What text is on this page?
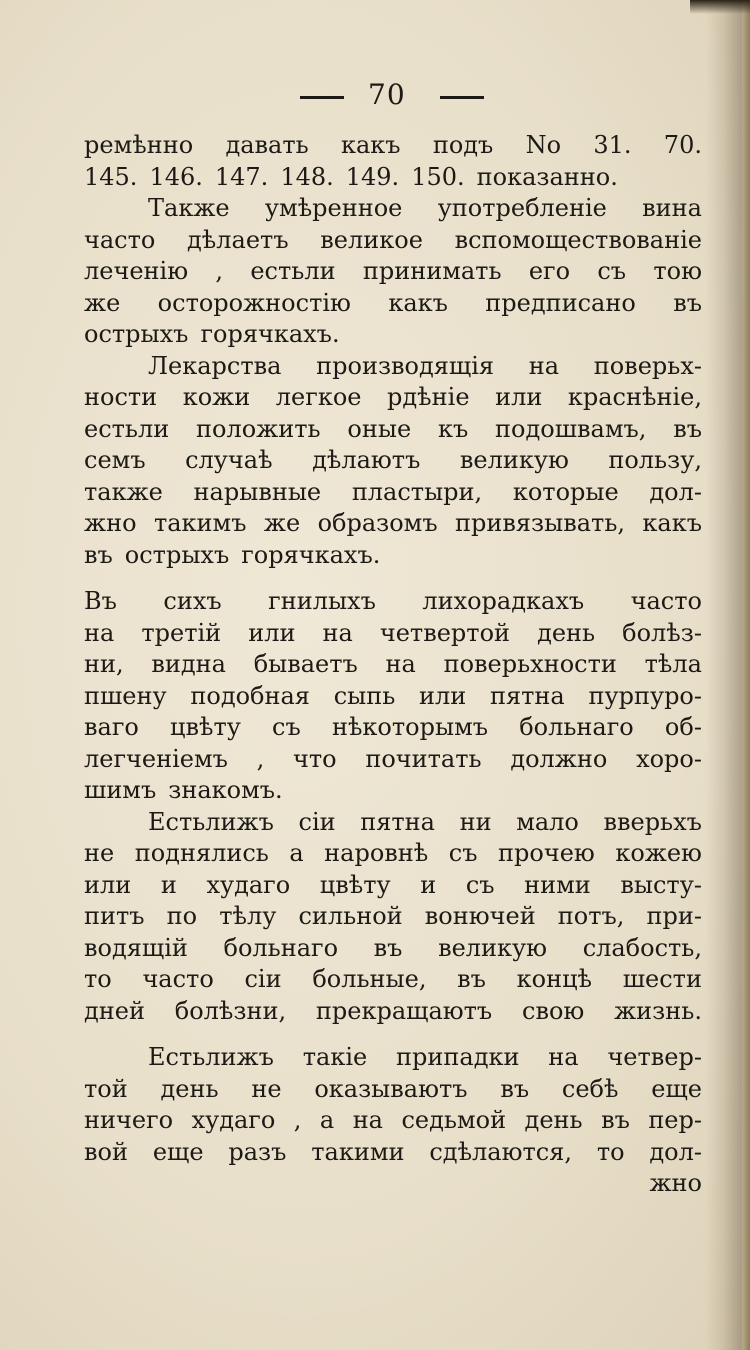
70
ремѣнно давать какъ подъ No 31. 70.
145. 146. 147. 148. 149. 150. показанно.
Также умѣренное употребленіе вина
часто дѣлаетъ великое вспомоществованіе
леченію , естьли принимать его съ тою
же осторожностію какъ предписано въ
острыхъ горячкахъ.
Лекарства производящія на поверьх-
ности кожи легкое рдѣніе или краснѣніе,
естьли положить оные къ подошвамъ, въ
семъ случаѣ дѣлаютъ великую пользу,
также нарывные пластыри, которые дол-
жно такимъ же образомъ привязывать, какъ
въ острыхъ горячкахъ.
Въ сихъ гнилыхъ лихорадкахъ часто
на третій или на четвертой день болѣз-
ни, видна бываетъ на поверьхности тѣла
пшену подобная сыпь или пятна пурпуро-
ваго цвѣту съ нѣкоторымъ больнаго об-
легченіемъ , что почитать должно хоро-
шимъ знакомъ.
Естьлижъ сіи пятна ни мало вверьхъ
не поднялись а наровнѣ съ прочею кожею
или и худаго цвѣту и съ ними высту-
питъ по тѣлу сильной вонючей потъ, при-
водящій больнаго въ великую слабость,
то часто сіи больные, въ концѣ шести
дней болѣзни, прекращаютъ свою жизнь.
Естьлижъ такіе припадки на четвер-
той день не оказываютъ въ себѣ еще
ничего худаго , а на седьмой день въ пер-
вой еще разъ такими сдѣлаются, то дол-
жно
